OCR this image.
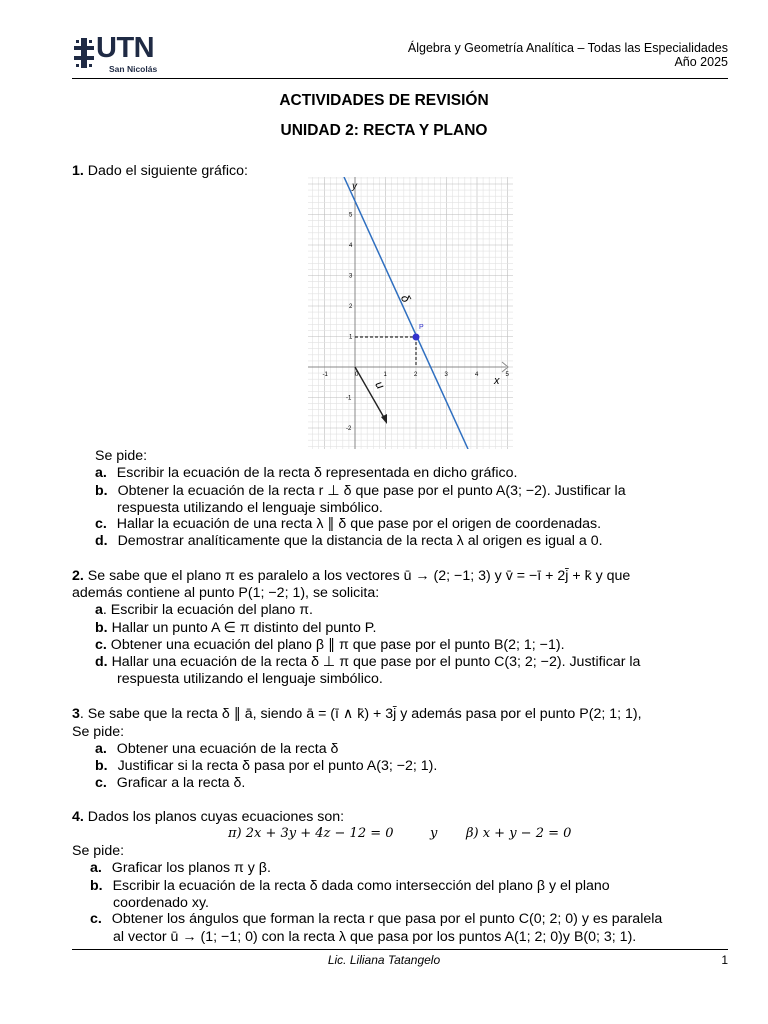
UTN
San Nicolás
Álgebra y Geometría Analítica – Todas las Especialidades
Año 2025
ACTIVIDADES DE REVISIÓN
UNIDAD 2: RECTA Y PLANO
1. Dado el siguiente gráfico:
P
y
x
δ
u
-1	0	1	2	3	4	5
5
4
3
2
1
-1
-2
Se pide:
a. Escribir la ecuación de la recta δ representada en dicho gráfico.
b. Obtener la ecuación de la recta r ⊥ δ que pase por el punto A(3; −2). Justificar la
respuesta utilizando el lenguaje simbólico.
c. Hallar la ecuación de una recta λ ∥ δ que pase por el origen de coordenadas.
d. Demostrar analíticamente que la distancia de la recta λ al origen es igual a 0.
2. Se sabe que el plano π es paralelo a los vectores ū → (2; −1; 3) y v̄ = −ī + 2j̄ + k̄ y que
además contiene al punto P(1; −2; 1), se solicita:
a. Escribir la ecuación del plano π.
b. Hallar un punto A ∈ π distinto del punto P.
c. Obtener una ecuación del plano β ∥ π que pase por el punto B(2; 1; −1).
d. Hallar una ecuación de la recta δ ⊥ π que pase por el punto C(3; 2; −2). Justificar la
respuesta utilizando el lenguaje simbólico.
3. Se sabe que la recta δ ∥ ā, siendo ā = (ī ∧ k̄) + 3j̄ y además pasa por el punto P(2; 1; 1),
Se pide:
a. Obtener una ecuación de la recta δ
b. Justificar si la recta δ pasa por el punto A(3; −2; 1).
c. Graficar a la recta δ.
4. Dados los planos cuyas ecuaciones son:
π) 2x + 3y + 4z − 12 = 0	y β) x + y − 2 = 0
Se pide:
a. Graficar los planos π y β.
b. Escribir la ecuación de la recta δ dada como intersección del plano β y el plano
coordenado xy.
c. Obtener los ángulos que forman la recta r que pasa por el punto C(0; 2; 0) y es paralela
al vector ū → (1; −1; 0) con la recta λ que pasa por los puntos A(1; 2; 0)y B(0; 3; 1).
Lic. Liliana Tatangelo	1
